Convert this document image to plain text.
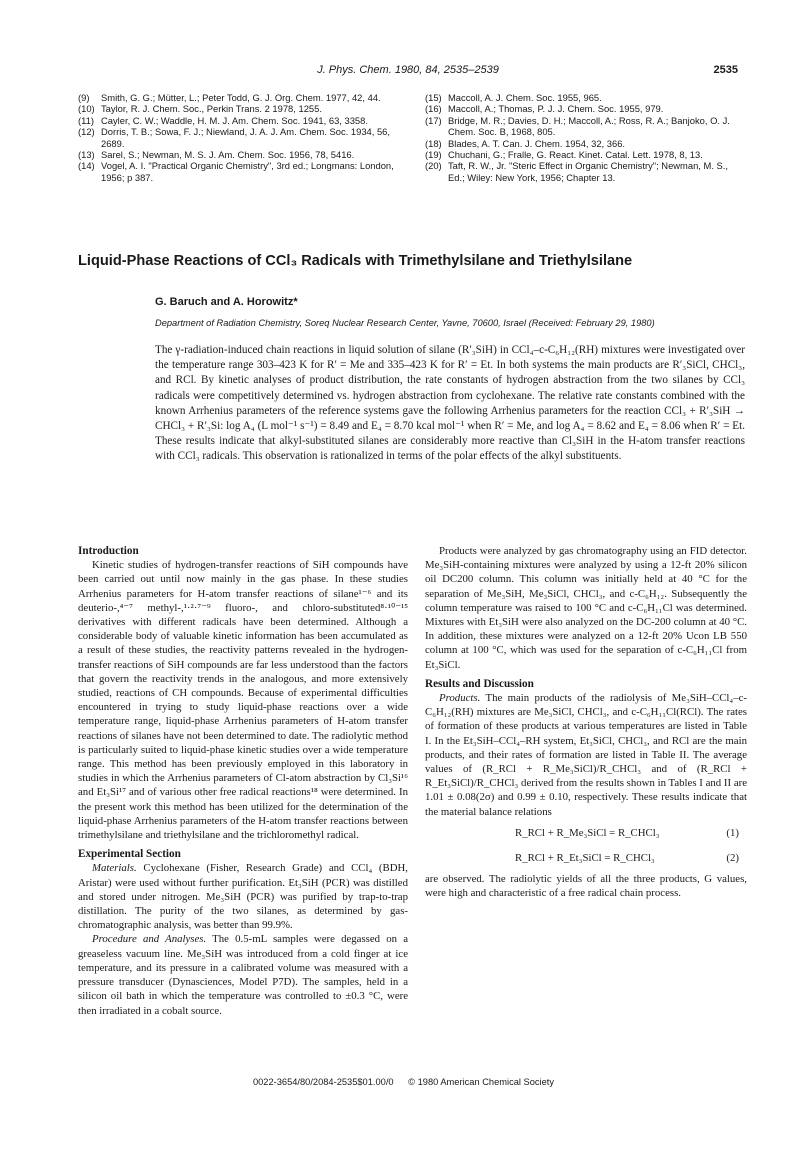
J. Phys. Chem. 1980, 84, 2535–2539	2535

(9) Smith, G. G.; Mütter, L.; Peter Todd, G. J. Org. Chem. 1977, 42, 44.

(10) Taylor, R. J. Chem. Soc., Perkin Trans. 2 1978, 1255.

(11) Cayler, C. W.; Waddle, H. M. J. Am. Chem. Soc. 1941, 63, 3358.

(12) Dorris, T. B.; Sowa, F. J.; Niewland, J. A. J. Am. Chem. Soc. 1934, 56, 2689.

(13) Sarel, S.; Newman, M. S. J. Am. Chem. Soc. 1956, 78, 5416.

(14) Vogel, A. I. "Practical Organic Chemistry", 3rd ed.; Longmans: London, 1956; p 387.

(15) Maccoll, A. J. Chem. Soc. 1955, 965.

(16) Maccoll, A.; Thomas, P. J. J. Chem. Soc. 1955, 979.

(17) Bridge, M. R.; Davies, D. H.; Maccoll, A.; Ross, R. A.; Banjoko, O. J. Chem. Soc. B, 1968, 805.

(18) Blades, A. T. Can. J. Chem. 1954, 32, 366.

(19) Chuchani, G.; Fralle, G. React. Kinet. Catal. Lett. 1978, 8, 13.

(20) Taft, R. W., Jr. "Steric Effect in Organic Chemistry"; Newman, M. S., Ed.; Wiley: New York, 1956; Chapter 13.

Liquid-Phase Reactions of CCl₃ Radicals with Trimethylsilane and Triethylsilane
G. Baruch and A. Horowitz*
Department of Radiation Chemistry, Soreq Nuclear Research Center, Yavne, 70600, Israel (Received: February 29, 1980)

The γ-radiation-induced chain reactions in liquid solution of silane (R′₃SiH) in CCl₄–c-C₆H₁₂(RH) mixtures were investigated over the temperature range 303–423 K for R′ = Me and 335–423 K for R′ = Et. In both systems the main products are R′₃SiCl, CHCl₃, and RCl. By kinetic analyses of product distribution, the rate constants of hydrogen abstraction from the two silanes by CCl₃ radicals were competitively determined vs. hydrogen abstraction from cyclohexane. The relative rate constants combined with the known Arrhenius parameters of the reference systems gave the following Arrhenius parameters for the reaction CCl₃ + R′₃SiH → CHCl₃ + R′₃Si: log A₄ (L mol⁻¹ s⁻¹) = 8.49 and E₄ = 8.70 kcal mol⁻¹ when R′ = Me, and log A₄ = 8.62 and E₄ = 8.06 when R′ = Et. These results indicate that alkyl-substituted silanes are considerably more reactive than Cl₃SiH in the H-atom transfer reactions with CCl₃ radicals. This observation is rationalized in terms of the polar effects of the alkyl substituents.

Introduction

Kinetic studies of hydrogen-transfer reactions of SiH compounds have been carried out until now mainly in the gas phase. In these studies Arrhenius parameters for H-atom transfer reactions of silane¹⁻⁶ and its deuterio-,⁴⁻⁷ methyl-,¹·²·⁷⁻⁹ fluoro-, and chloro-substituted⁸·¹⁰⁻¹⁵ derivatives with different radicals have been determined. Although a considerable body of valuable kinetic information has been accumulated as a result of these studies, the reactivity patterns revealed in the hydrogen-transfer reactions of SiH compounds are far less understood than the factors that govern the reactivity trends in the analogous, and more extensively studied, reactions of CH compounds. Because of experimental difficulties encountered in trying to study liquid-phase reactions over a wide temperature range, liquid-phase Arrhenius parameters of H-atom transfer reactions of silanes have not been determined to date. The radiolytic method is particularly suited to liquid-phase kinetic studies over a wide temperature range. This method has been previously employed in this laboratory in studies in which the Arrhenius parameters of Cl-atom abstraction by Cl₃Si¹⁶ and Et₃Si¹⁷ and of various other free radical reactions¹⁸ were determined. In the present work this method has been utilized for the determination of the liquid-phase Arrhenius parameters of the H-atom transfer reactions between trimethylsilane and triethylsilane and the trichloromethyl radical.

Experimental Section

Materials. Cyclohexane (Fisher, Research Grade) and CCl₄ (BDH, Aristar) were used without further purification. Et₃SiH (PCR) was distilled and stored under nitrogen. Me₃SiH (PCR) was purified by trap-to-trap distillation. The purity of the two silanes, as determined by gas-chromatographic analysis, was better than 99.9%.

Procedure and Analyses. The 0.5-mL samples were degassed on a greaseless vacuum line. Me₃SiH was introduced from a cold finger at ice temperature, and its pressure in a calibrated volume was measured with a pressure transducer (Dynasciences, Model P7D). The samples, held in a silicon oil bath in which the temperature was controlled to ±0.3 °C, were then irradiated in a cobalt source.

Products were analyzed by gas chromatography using an FID detector. Me₃SiH-containing mixtures were analyzed by using a 12-ft 20% silicon oil DC200 column. This column was initially held at 40 °C for the separation of Me₃SiH, Me₃SiCl, CHCl₃, and c-C₆H₁₂. Subsequently the column temperature was raised to 100 °C and c-C₆H₁₁Cl was determined. Mixtures with Et₃SiH were also analyzed on the DC-200 column at 40 °C. In addition, these mixtures were analyzed on a 12-ft 20% Ucon LB 550 column at 100 °C, which was used for the separation of c-C₆H₁₁Cl from Et₃SiCl.

Results and Discussion

Products. The main products of the radiolysis of Me₃SiH–CCl₄–c-C₆H₁₂(RH) mixtures are Me₃SiCl, CHCl₃, and c-C₆H₁₁Cl(RCl). The rates of formation of these products at various temperatures are listed in Table I. In the Et₃SiH–CCl₄–RH system, Et₃SiCl, CHCl₃, and RCl are the main products, and their rates of formation are listed in Table II. The average values of (R_RCl + R_Me₃SiCl)/R_CHCl₃ and of (R_RCl + R_Et₃SiCl)/R_CHCl₃ derived from the results shown in Tables I and II are 1.01 ± 0.08(2σ) and 0.99 ± 0.10, respectively. These results indicate that the material balance relations

R_RCl + R_Me₃SiCl = R_CHCl₃	(1)
R_RCl + R_Et₃SiCl = R_CHCl₃	(2)

are observed. The radiolytic yields of all the three products, G values, were high and characteristic of a free radical chain process.

0022-3654/80/2084-2535$01.00/0 © 1980 American Chemical Society
